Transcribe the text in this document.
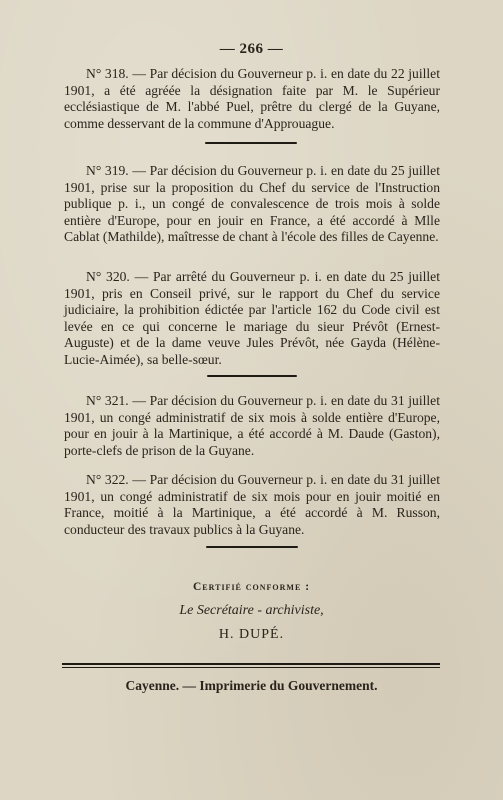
— 266 —

N° 318. — Par décision du Gouverneur p. i. en date du 22 juillet 1901, a été agréée la désignation faite par M. le Supérieur ecclésiastique de M. l'abbé Puel, prêtre du clergé de la Guyane, comme desservant de la commune d'Approuague.

N° 319. — Par décision du Gouverneur p. i. en date du 25 juillet 1901, prise sur la proposition du Chef du service de l'Instruction publique p. i., un congé de convalescence de trois mois à solde entière d'Europe, pour en jouir en France, a été accordé à Mlle Cablat (Mathilde), maîtresse de chant à l'école des filles de Cayenne.

N° 320. — Par arrêté du Gouverneur p. i. en date du 25 juillet 1901, pris en Conseil privé, sur le rapport du Chef du service judiciaire, la prohibition édictée par l'article 162 du Code civil est levée en ce qui concerne le mariage du sieur Prévôt (Ernest-Auguste) et de la dame veuve Jules Prévôt, née Gayda (Hélène-Lucie-Aimée), sa belle-sœur.

N° 321. — Par décision du Gouverneur p. i. en date du 31 juillet 1901, un congé administratif de six mois à solde entière d'Europe, pour en jouir à la Martinique, a été accordé à M. Daude (Gaston), porte-clefs de prison de la Guyane.

N° 322. — Par décision du Gouverneur p. i. en date du 31 juillet 1901, un congé administratif de six mois pour en jouir moitié en France, moitié à la Martinique, a été accordé à M. Russon, conducteur des travaux publics à la Guyane.

Certifié conforme :
Le Secrétaire - archiviste,
H. DUPÉ.
Cayenne. — Imprimerie du Gouvernement.
